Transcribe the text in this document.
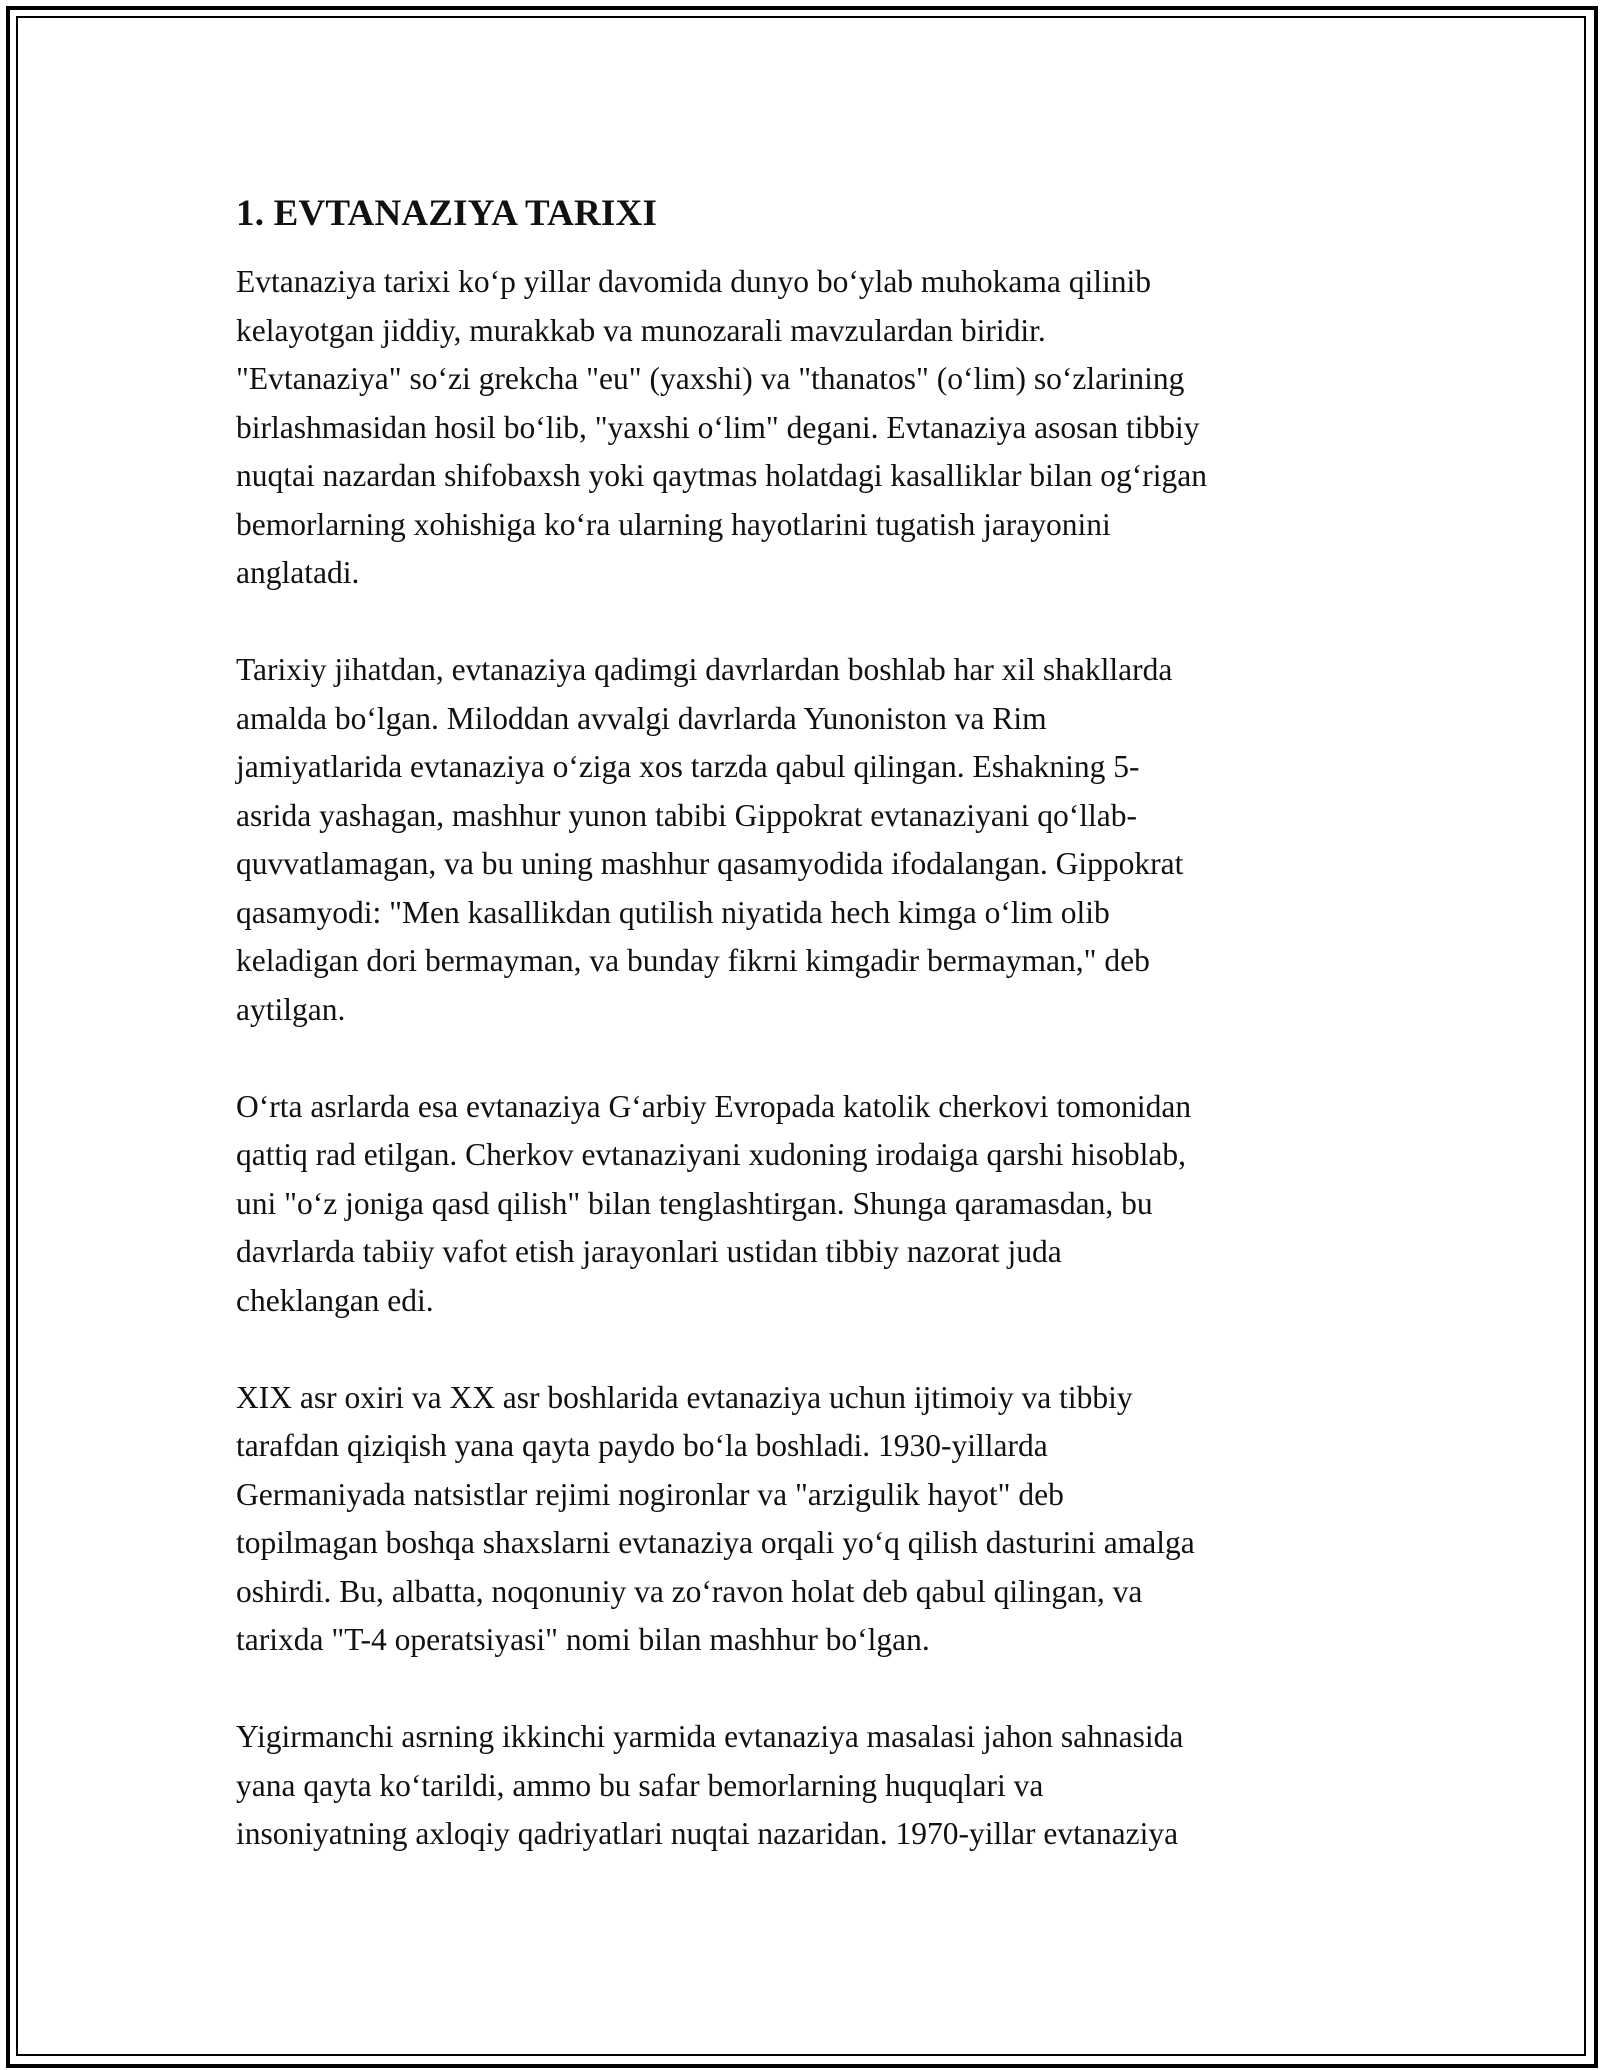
1. EVTANAZIYA TARIXI
Evtanaziya tarixi ko‘p yillar davomida dunyo bo‘ylab muhokama qilinib
kelayotgan jiddiy, murakkab va munozarali mavzulardan biridir.
"Evtanaziya" so‘zi grekcha "eu" (yaxshi) va "thanatos" (o‘lim) so‘zlarining
birlashmasidan hosil bo‘lib, "yaxshi o‘lim" degani. Evtanaziya asosan tibbiy
nuqtai nazardan shifobaxsh yoki qaytmas holatdagi kasalliklar bilan og‘rigan
bemorlarning xohishiga ko‘ra ularning hayotlarini tugatish jarayonini
anglatadi.
Tarixiy jihatdan, evtanaziya qadimgi davrlardan boshlab har xil shakllarda
amalda bo‘lgan. Miloddan avvalgi davrlarda Yunoniston va Rim
jamiyatlarida evtanaziya o‘ziga xos tarzda qabul qilingan. Eshakning 5-
asrida yashagan, mashhur yunon tabibi Gippokrat evtanaziyani qo‘llab-
quvvatlamagan, va bu uning mashhur qasamyodida ifodalangan. Gippokrat
qasamyodi: "Men kasallikdan qutilish niyatida hech kimga o‘lim olib
keladigan dori bermayman, va bunday fikrni kimgadir bermayman," deb
aytilgan.
O‘rta asrlarda esa evtanaziya G‘arbiy Evropada katolik cherkovi tomonidan
qattiq rad etilgan. Cherkov evtanaziyani xudoning irodaiga qarshi hisoblab,
uni "o‘z joniga qasd qilish" bilan tenglashtirgan. Shunga qaramasdan, bu
davrlarda tabiiy vafot etish jarayonlari ustidan tibbiy nazorat juda
cheklangan edi.
XIX asr oxiri va XX asr boshlarida evtanaziya uchun ijtimoiy va tibbiy
tarafdan qiziqish yana qayta paydo bo‘la boshladi. 1930-yillarda
Germaniyada natsistlar rejimi nogironlar va "arzigulik hayot" deb
topilmagan boshqa shaxslarni evtanaziya orqali yo‘q qilish dasturini amalga
oshirdi. Bu, albatta, noqonuniy va zo‘ravon holat deb qabul qilingan, va
tarixda "T-4 operatsiyasi" nomi bilan mashhur bo‘lgan.
Yigirmanchi asrning ikkinchi yarmida evtanaziya masalasi jahon sahnasida
yana qayta ko‘tarildi, ammo bu safar bemorlarning huquqlari va
insoniyatning axloqiy qadriyatlari nuqtai nazaridan. 1970-yillar evtanaziya
